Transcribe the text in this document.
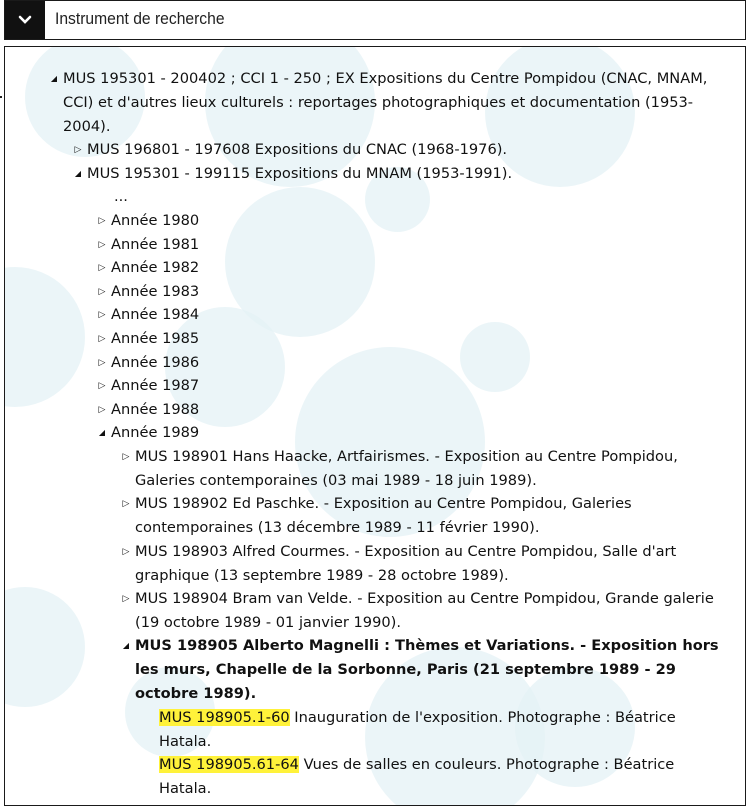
Instrument de recherche
◢ MUS 195301 - 200402 ; CCI 1 - 250 ; EX Expositions du Centre Pompidou (CNAC, MNAM, CCI) et d'autres lieux culturels : reportages photographiques et documentation (1953-2004).
▷ MUS 196801 - 197608 Expositions du CNAC (1968-1976).
◢ MUS 195301 - 199115 Expositions du MNAM (1953-1991).
...
▷ Année 1980
▷ Année 1981
▷ Année 1982
▷ Année 1983
▷ Année 1984
▷ Année 1985
▷ Année 1986
▷ Année 1987
▷ Année 1988
◢ Année 1989
▷ MUS 198901 Hans Haacke, Artfairismes. - Exposition au Centre Pompidou, Galeries contemporaines (03 mai 1989 - 18 juin 1989).
▷ MUS 198902 Ed Paschke. - Exposition au Centre Pompidou, Galeries contemporaines (13 décembre 1989 - 11 février 1990).
▷ MUS 198903 Alfred Courmes. - Exposition au Centre Pompidou, Salle d'art graphique (13 septembre 1989 - 28 octobre 1989).
▷ MUS 198904 Bram van Velde. - Exposition au Centre Pompidou, Grande galerie (19 octobre 1989 - 01 janvier 1990).
◢ MUS 198905 Alberto Magnelli : Thèmes et Variations. - Exposition hors les murs, Chapelle de la Sorbonne, Paris (21 septembre 1989 - 29 octobre 1989).
MUS 198905.1-60 Inauguration de l'exposition. Photographe : Béatrice Hatala.
MUS 198905.61-64 Vues de salles en couleurs. Photographe : Béatrice Hatala.
